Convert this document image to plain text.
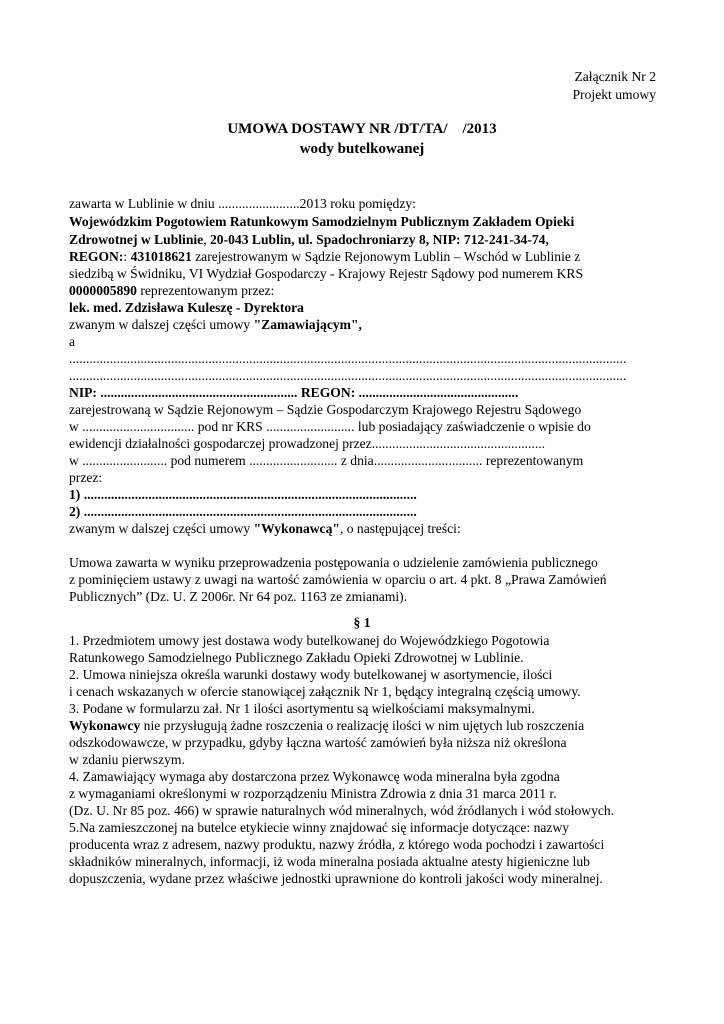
Załącznik Nr 2
Projekt umowy
UMOWA DOSTAWY NR /DT/TA/    /2013
wody butelkowanej
zawarta w Lublinie w dniu ........................2013 roku pomiędzy:
Wojewódzkim Pogotowiem Ratunkowym Samodzielnym Publicznym Zakładem Opieki
Zdrowotnej w Lublinie, 20-043 Lublin, ul. Spadochroniarzy 8, NIP: 712-241-34-74,
REGON:: 431018621 zarejestrowanym w Sądzie Rejonowym Lublin – Wschód w Lublinie z
siedzibą w Świdniku, VI Wydział Gospodarczy - Krajowy Rejestr Sądowy pod numerem KRS
0000005890 reprezentowanym przez:
lek. med. Zdzisława Kuleszę - Dyrektora
zwanym w dalszej części umowy "Zamawiającym",
a
....................................................................................................................................................................
....................................................................................................................................................................
NIP: .......................................................... REGON: ...............................................
zarejestrowaną w Sądzie Rejonowym – Sądzie Gospodarczym Krajowego Rejestru Sądowego
w ................................. pod nr KRS .......................... lub posiadający zaświadczenie o wpisie do
ewidencji działalności gospodarczej prowadzonej przez...................................................
w ......................... pod numerem .......................... z dnia................................ reprezentowanym
przez:
1) ..................................................................................................
2) ..................................................................................................
zwanym w dalszej części umowy "Wykonawcą", o następującej treści:
Umowa zawarta w wyniku przeprowadzenia postępowania o udzielenie zamówienia publicznego
z pominięciem ustawy z uwagi na wartość zamówienia w oparciu o art. 4 pkt. 8 „Prawa Zamówień
Publicznych” (Dz. U. Z 2006r. Nr 64 poz. 1163 ze zmianami).
§ 1
1. Przedmiotem umowy jest dostawa wody butelkowanej do Wojewódzkiego Pogotowia
Ratunkowego Samodzielnego Publicznego Zakładu Opieki Zdrowotnej w Lublinie.
2. Umowa niniejsza określa warunki dostawy wody butelkowanej w asortymencie, ilości
i cenach wskazanych w ofercie stanowiącej załącznik Nr 1, będący integralną częścią umowy.
3. Podane w formularzu zał. Nr 1 ilości asortymentu są wielkościami maksymalnymi.
Wykonawcy nie przysługują żadne roszczenia o realizację ilości w nim ujętych lub roszczenia
odszkodowawcze, w przypadku, gdyby łączna wartość zamówień była niższa niż określona
w zdaniu pierwszym.
4. Zamawiający wymaga aby dostarczona przez Wykonawcę woda mineralna była zgodna
z wymaganiami określonymi w rozporządzeniu Ministra Zdrowia z dnia 31 marca 2011 r.
(Dz. U. Nr 85 poz. 466) w sprawie naturalnych wód mineralnych, wód źródlanych i wód stołowych.
5.Na zamieszczonej na butelce etykiecie winny znajdować się informacje dotyczące: nazwy
producenta wraz z adresem, nazwy produktu, nazwy źródła, z którego woda pochodzi i zawartości
składników mineralnych, informacji, iż woda mineralna posiada aktualne atesty higieniczne lub
dopuszczenia, wydane przez właściwe jednostki uprawnione do kontroli jakości wody mineralnej.
